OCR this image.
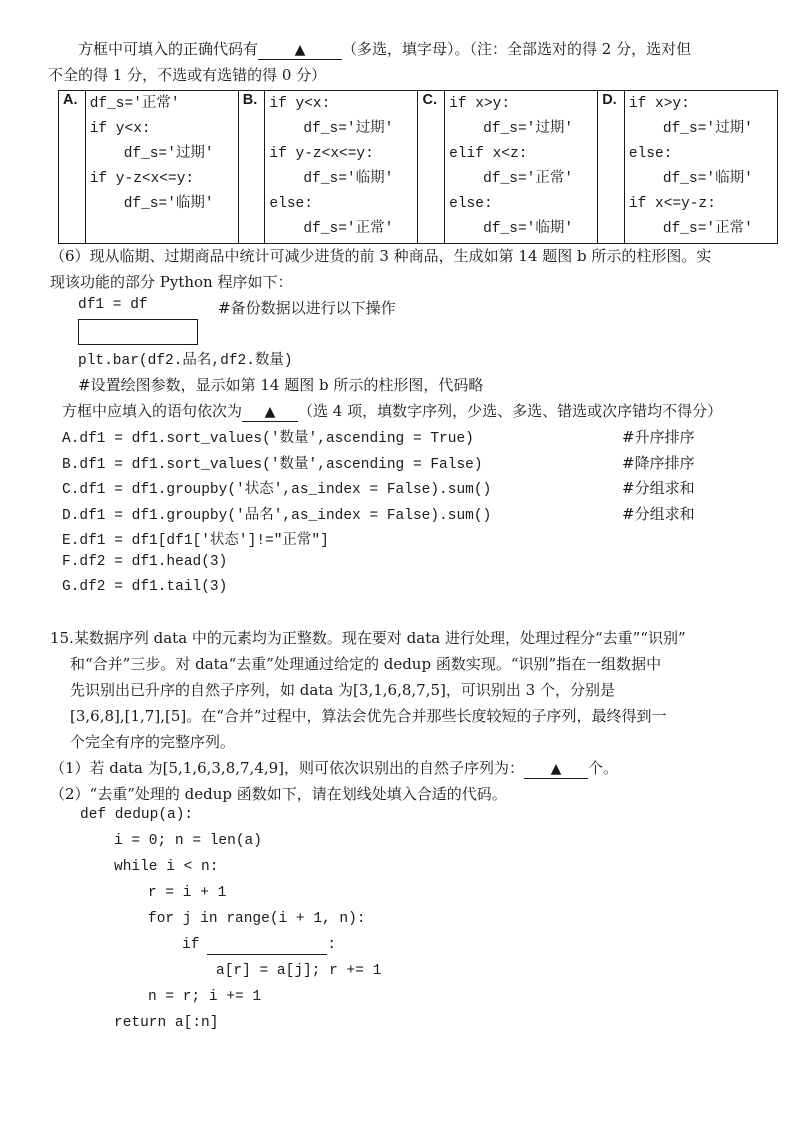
方框中可填入的正确代码有	▲ （多选，填字母）。（注：全部选对的得 2 分，选对但
不全的得 1 分，不选或有选错的得 0 分）
A.	df_s='正常'
if y<x:
df_s='过期'
if y-z<x<=y:
df_s='临期'
	B.	if y<x:
df_s='过期'
if y-z<x<=y:
df_s='临期'
else:
df_s='正常'
	C.	if x>y:
df_s='过期'
elif x<z:
df_s='正常'
else:
df_s='临期'
	D.	if x>y:
df_s='过期'
else:
df_s='临期'
if x<=y-z:
df_s='正常'
（6）现从临期、过期商品中统计可减少进货的前 3 种商品，生成如第 14 题图 b 所示的柱形图。实
现该功能的部分 Python 程序如下：
df1 = df	#备份数据以进行以下操作
plt.bar(df2.品名,df2.数量)
#设置绘图参数，显示如第 14 题图 b 所示的柱形图，代码略
方框中应填入的语句依次为 ▲ （选 4 项，填数字序列，少选、多选、错选或次序错均不得分）
A.df1 = df1.sort_values('数量',ascending = True)	#升序排序
B.df1 = df1.sort_values('数量',ascending = False)	#降序排序
C.df1 = df1.groupby('状态',as_index = False).sum()	#分组求和
D.df1 = df1.groupby('品名',as_index = False).sum()	#分组求和
E.df1 = df1[df1['状态']!="正常"]
F.df2 = df1.head(3)
G.df2 = df1.tail(3)
15.某数据序列 data 中的元素均为正整数。现在要对 data 进行处理，处理过程分“去重”“识别”
和“合并”三步。对 data“去重”处理通过给定的 dedup 函数实现。“识别”指在一组数据中
先识别出已升序的自然子序列，如 data 为[3,1,6,8,7,5]，可识别出 3 个，分别是
[3,6,8],[1,7],[5]。在“合并”过程中，算法会优先合并那些长度较短的子序列，最终得到一
个完全有序的完整序列。
（1）若 data 为[5,1,6,3,8,7,4,9]，则可依次识别出的自然子序列为： ▲ 个。
（2）“去重”处理的 dedup 函数如下，请在划线处填入合适的代码。
def dedup(a):
i = 0; n = len(a)
while i < n:
r = i + 1
for j in range(i + 1, n):
if	:
a[r] = a[j]; r += 1
n = r; i += 1
return a[:n]
